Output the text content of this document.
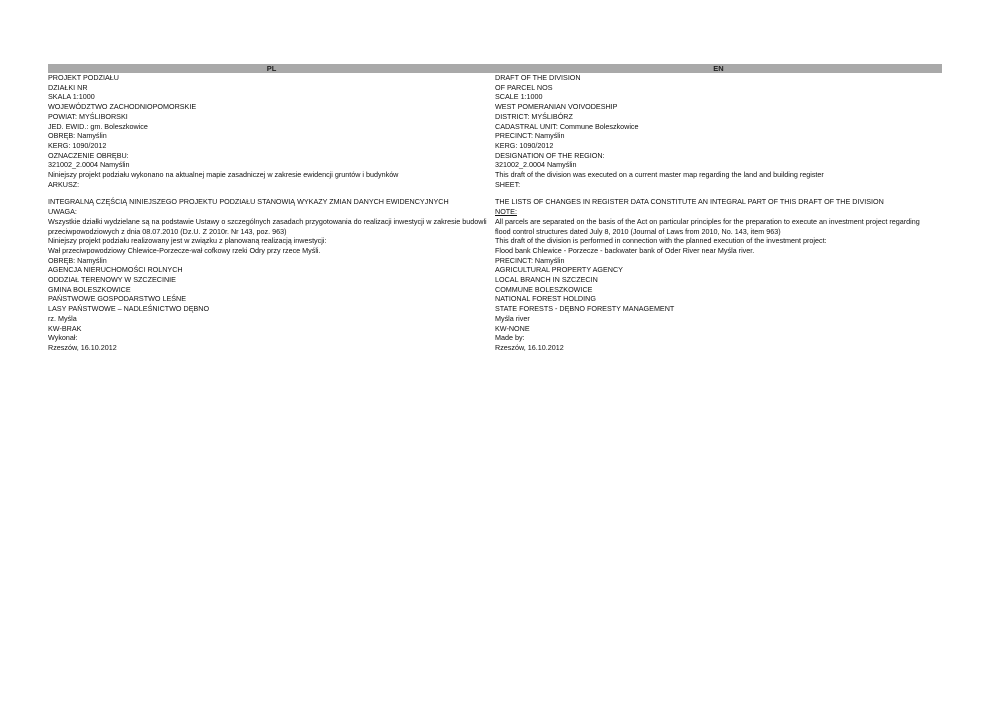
PL	EN
PROJEKT PODZIAŁU
DZIAŁKI NR
SKALA 1:1000
WOJEWÓDZTWO ZACHODNIOPOMORSKIE
POWIAT: MYŚLIBORSKI
JED. EWID.: gm. Boleszkowice
OBRĘB: Namyślin
KERG: 1090/2012
OZNACZENIE OBRĘBU:
321002_2.0004 Namyślin
Niniejszy projekt podziału wykonano na aktualnej mapie zasadniczej w zakresie ewidencji gruntów i budynków
ARKUSZ:
INTEGRALNĄ CZĘŚCIĄ NINIEJSZEGO PROJEKTU PODZIAŁU STANOWIĄ WYKAZY ZMIAN DANYCH EWIDENCYJNYCH
UWAGA:
Wszystkie działki wydzielane są na podstawie Ustawy o szczególnych zasadach przygotowania do realizacji inwestycji w zakresie budowli przeciwpowodziowych z dnia 08.07.2010 (Dz.U. Z 2010r. Nr 143, poz. 963)
Niniejszy projekt podziału realizowany jest w związku z planowaną realizacją inwestycji:
Wał przeciwpowodziowy Chlewice-Porzecze-wał cofkowy rzeki Odry przy rzece Myśli.
OBRĘB: Namyślin
AGENCJA NIERUCHOMOŚCI ROLNYCH
ODDZIAŁ TERENOWY W SZCZECINIE
GMINA BOLESZKOWICE
PAŃSTWOWE GOSPODARSTWO LEŚNE
LASY PAŃSTWOWE – NADLEŚNICTWO DĘBNO
rz. Myśla
KW-BRAK
Wykonał:
Rzeszów, 16.10.2012
DRAFT OF THE DIVISION
OF PARCEL NOS
SCALE 1:1000
WEST POMERANIAN VOIVODESHIP
DISTRICT: MYŚLIBÓRZ
CADASTRAL UNIT: Commune Boleszkowice
PRECINCT: Namyślin
KERG: 1090/2012
DESIGNATION OF THE REGION:
321002_2.0004 Namyślin
This draft of the division was executed on a current master map regarding the land and building register
SHEET:
THE LISTS OF CHANGES IN REGISTER DATA CONSTITUTE AN INTEGRAL PART OF THIS DRAFT OF THE DIVISION
NOTE:
All parcels are separated on the basis of the Act on particular principles for the preparation to execute an investment project regarding flood control structures dated July 8, 2010 (Journal of Laws from 2010, No. 143, item 963)
This draft of the division is performed in connection with the planned execution of the investment project:
Flood bank Chlewice - Porzecze - backwater bank of Oder River near Myśla river.
PRECINCT: Namyślin
AGRICULTURAL PROPERTY AGENCY
LOCAL BRANCH IN SZCZECIN
COMMUNE BOLESZKOWICE
NATIONAL FOREST HOLDING
STATE FORESTS - DĘBNO FORESTY MANAGEMENT
Myśla river
KW-NONE
Made by:
Rzeszów, 16.10.2012
